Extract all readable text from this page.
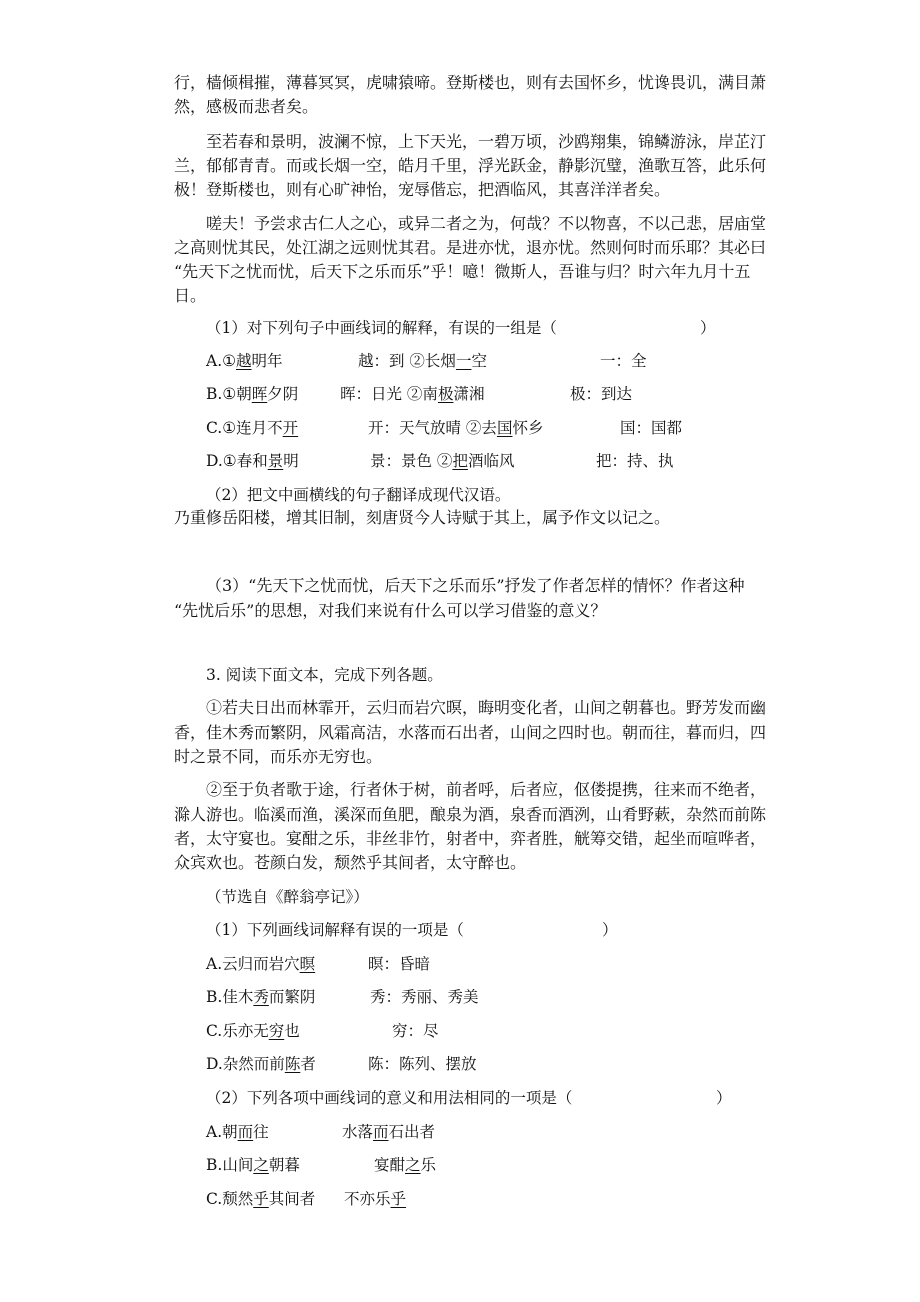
行，樯倾楫摧，薄暮冥冥，虎啸猿啼。登斯楼也，则有去国怀乡，忧谗畏讥，满目萧
然，感极而悲者矣。
至若春和景明，波澜不惊，上下天光，一碧万顷，沙鸥翔集，锦鳞游泳，岸芷汀
兰，郁郁青青。而或长烟一空，皓月千里，浮光跃金，静影沉璧，渔歌互答，此乐何
极！登斯楼也，则有心旷神怡，宠辱偕忘，把酒临风，其喜洋洋者矣。
嗟夫！予尝求古仁人之心，或异二者之为，何哉？不以物喜，不以己悲，居庙堂
之高则忧其民，处江湖之远则忧其君。是进亦忧，退亦忧。然则何时而乐耶？其必曰
“先天下之忧而忧，后天下之乐而乐”乎！噫！微斯人，吾谁与归？时六年九月十五
日。
（1）对下列句子中画线词的解释，有误的一组是（	）
A.①越明年	越：到 ②长烟一空	一：全
B.①朝晖夕阴	晖：日光 ②南极潇湘	极：到达
C.①连月不开	开：天气放晴 ②去国怀乡	国：国都
D.①春和景明	景：景色 ②把酒临风	把：持、执
（2）把文中画横线的句子翻译成现代汉语。
乃重修岳阳楼，增其旧制，刻唐贤今人诗赋于其上，属予作文以记之。
（3）“先天下之忧而忧，后天下之乐而乐”抒发了作者怎样的情怀？作者这种
“先忧后乐”的思想，对我们来说有什么可以学习借鉴的意义？
3. 阅读下面文本，完成下列各题。
①若夫日出而林霏开，云归而岩穴暝，晦明变化者，山间之朝暮也。野芳发而幽
香，佳木秀而繁阴，风霜高洁，水落而石出者，山间之四时也。朝而往，暮而归，四
时之景不同，而乐亦无穷也。
②至于负者歌于途，行者休于树，前者呼，后者应，伛偻提携，往来而不绝者，
滁人游也。临溪而渔，溪深而鱼肥，酿泉为酒，泉香而酒洌，山肴野蔌，杂然而前陈
者，太守宴也。宴酣之乐，非丝非竹，射者中，弈者胜，觥筹交错，起坐而喧哗者，
众宾欢也。苍颜白发，颓然乎其间者，太守醉也。
（节选自《醉翁亭记》）
（1）下列画线词解释有误的一项是（	）
A.云归而岩穴暝	暝：昏暗
B.佳木秀而繁阴	秀：秀丽、秀美
C.乐亦无穷也	穷：尽
D.杂然而前陈者	陈：陈列、摆放
（2）下列各项中画线词的意义和用法相同的一项是（	）
A.朝而往	水落而石出者
B.山间之朝暮	宴酣之乐
C.颓然乎其间者 不亦乐乎
